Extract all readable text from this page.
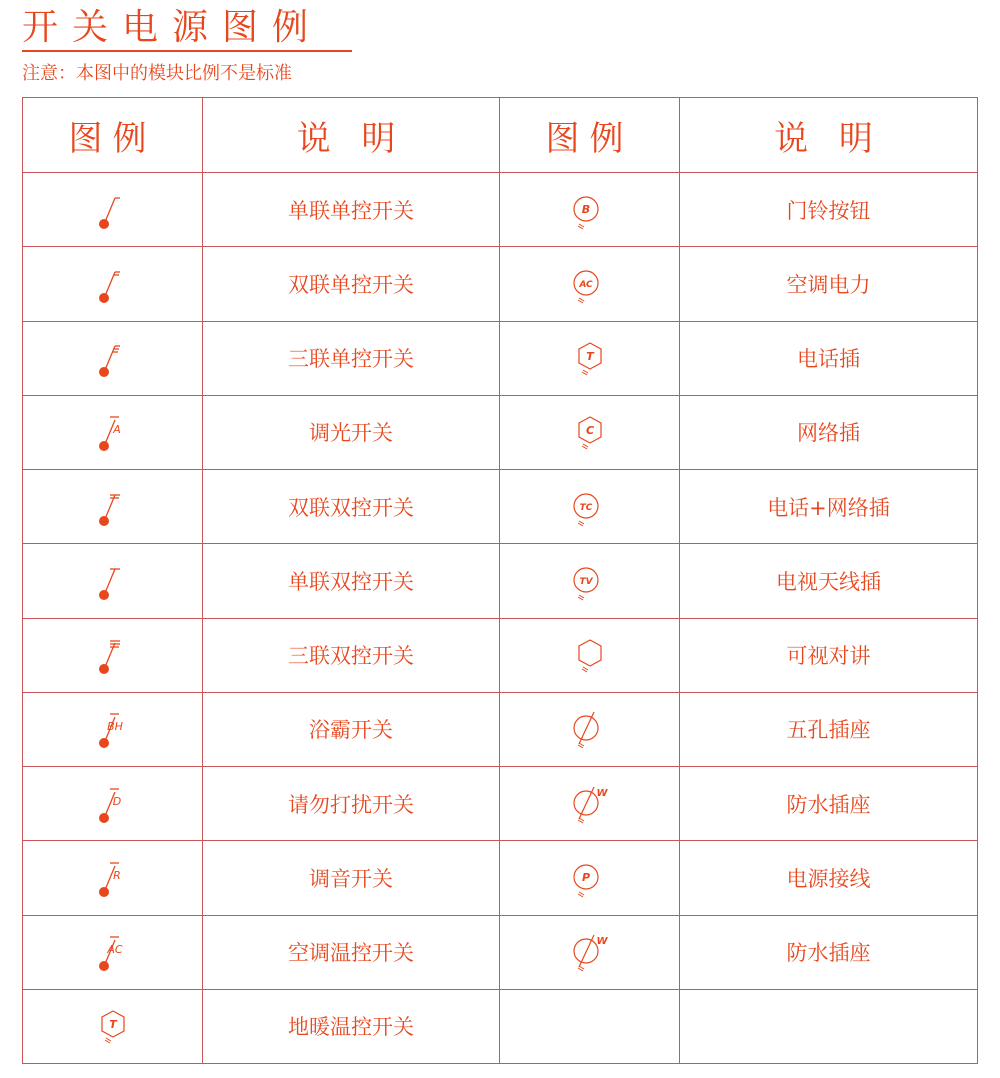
开关电源图例
注意：本图中的模块比例不是标准
图例	说 明	图例	说 明

	单联单控开关	B	门铃按钮

	双联单控开关	AC	空调电力

	三联单控开关	T	电话插

A	调光开关	C	网络插

	双联双控开关	TC	电话+网络插

	单联双控开关	TV	电视天线插

	三联双控开关		可视对讲

BH	浴霸开关		五孔插座

D	请勿打扰开关	W	防水插座

R	调音开关	P	电源接线

AC	空调温控开关	W	防水插座

T	地暖温控开关		
